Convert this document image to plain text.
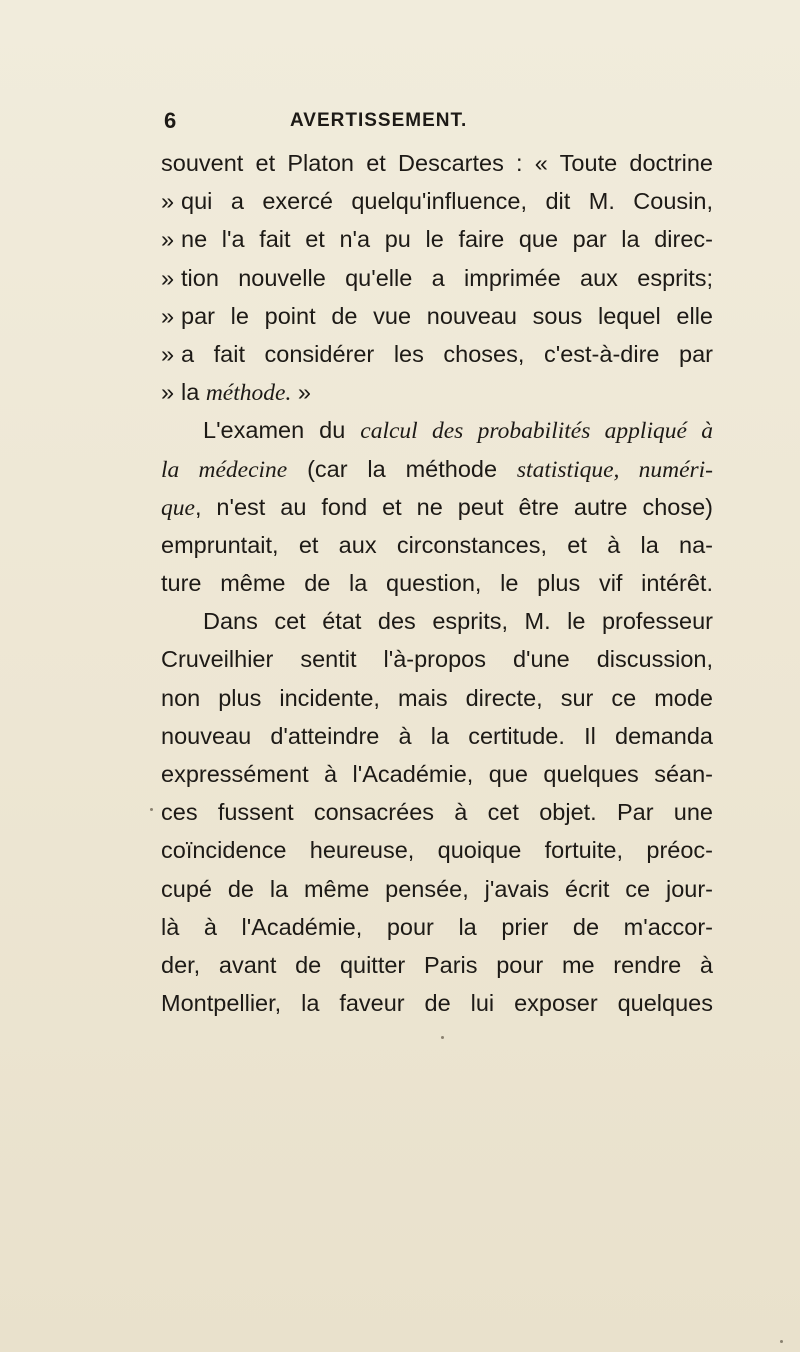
6	AVERTISSEMENT.
souvent et Platon et Descartes : « Toute doctrine
» qui a exercé quelqu'influence, dit M. Cousin,
» ne l'a fait et n'a pu le faire que par la direc-
» tion nouvelle qu'elle a imprimée aux esprits;
» par le point de vue nouveau sous lequel elle
» a fait considérer les choses, c'est-à-dire par
» la méthode. »
L'examen du calcul des probabilités appliqué à
la médecine (car la méthode statistique, numéri-
que, n'est au fond et ne peut être autre chose)
empruntait, et aux circonstances, et à la na-
ture même de la question, le plus vif intérêt.
Dans cet état des esprits, M. le professeur
Cruveilhier sentit l'à-propos d'une discussion,
non plus incidente, mais directe, sur ce mode
nouveau d'atteindre à la certitude. Il demanda
expressément à l'Académie, que quelques séan-
ces fussent consacrées à cet objet. Par une
coïncidence heureuse, quoique fortuite, préoc-
cupé de la même pensée, j'avais écrit ce jour-
là à l'Académie, pour la prier de m'accor-
der, avant de quitter Paris pour me rendre à
Montpellier, la faveur de lui exposer quelques
